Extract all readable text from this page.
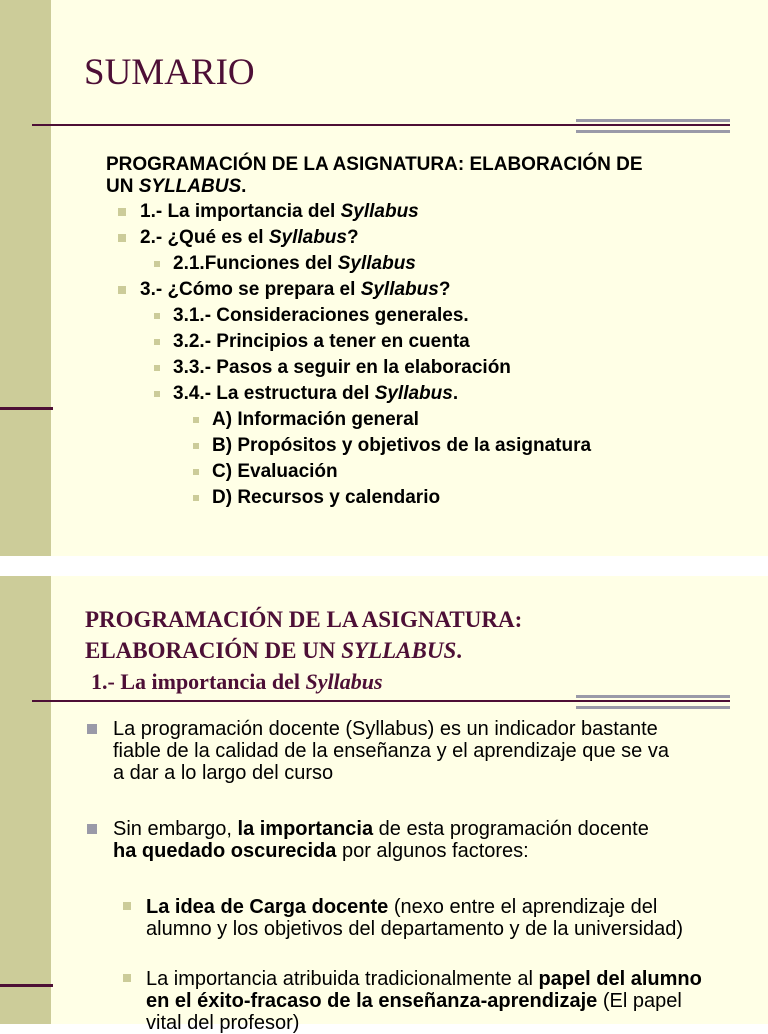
SUMARIO

PROGRAMACIÓN DE LA ASIGNATURA: ELABORACIÓN DE
UN SYLLABUS.

1.- La importancia del Syllabus
2.- ¿Qué es el Syllabus?
2.1.Funciones del Syllabus
3.- ¿Cómo se prepara el Syllabus?
3.1.- Consideraciones generales.
3.2.- Principios a tener en cuenta
3.3.- Pasos a seguir en la elaboración
3.4.- La estructura del Syllabus.
A) Información general
B) Propósitos y objetivos de la asignatura
C) Evaluación
D) Recursos y calendario
PROGRAMACIÓN DE LA ASIGNATURA:
ELABORACIÓN DE UN SYLLABUS.
1.- La importancia del Syllabus

La programación docente (Syllabus) es un indicador bastante fiable de la calidad de la enseñanza y el aprendizaje que se va a dar a lo largo del curso

Sin embargo, la importancia de esta programación docente ha quedado oscurecida por algunos factores:

La idea de Carga docente (nexo entre el aprendizaje del alumno y los objetivos del departamento y de la universidad)

La importancia atribuida tradicionalmente al papel del alumno en el éxito-fracaso de la enseñanza-aprendizaje (El papel vital del profesor)
